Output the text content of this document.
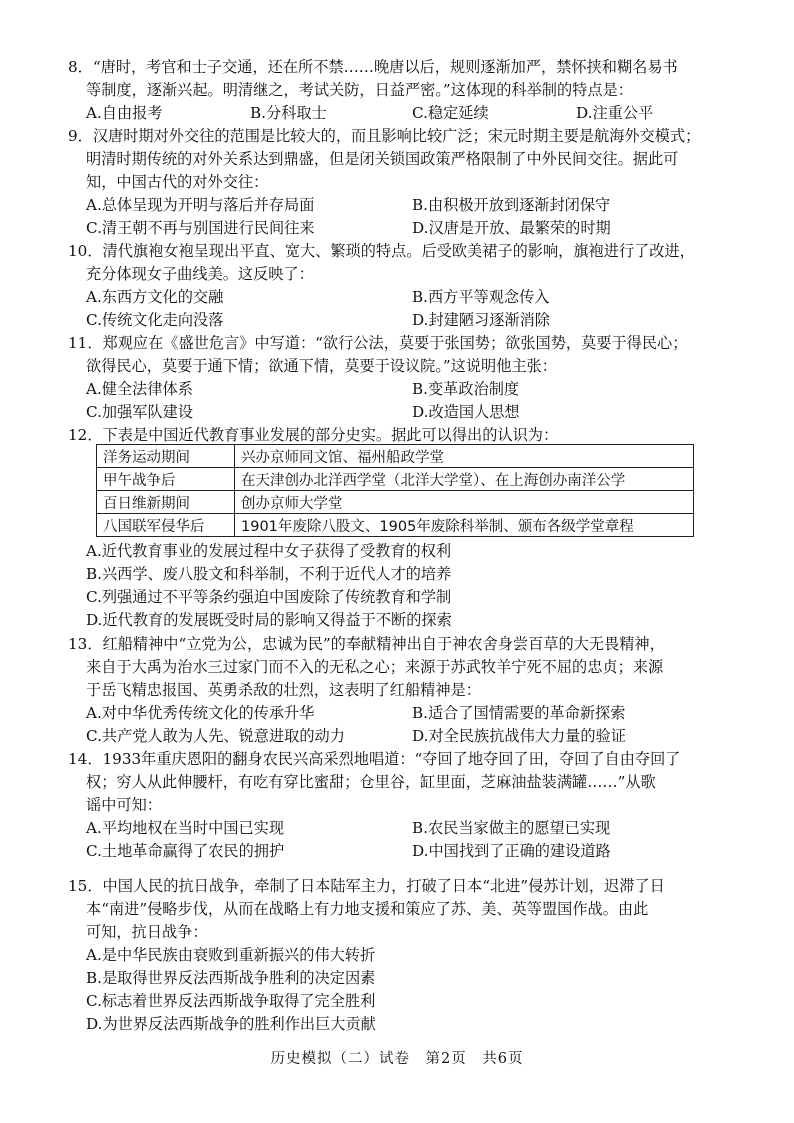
8．“唐时，考官和士子交通，还在所不禁……晚唐以后，规则逐渐加严，禁怀挟和糊名易书
等制度，逐渐兴起。明清继之，考试关防，日益严密。”这体现的科举制的特点是：
A.自由报考	B.分科取士	C.稳定延续	D.注重公平
9．汉唐时期对外交往的范围是比较大的，而且影响比较广泛；宋元时期主要是航海外交模式；
明清时期传统的对外关系达到鼎盛，但是闭关锁国政策严格限制了中外民间交往。据此可
知，中国古代的对外交往：
A.总体呈现为开明与落后并存局面	B.由积极开放到逐渐封闭保守
C.清王朝不再与别国进行民间往来	D.汉唐是开放、最繁荣的时期
10．清代旗袍女袍呈现出平直、宽大、繁琐的特点。后受欧美裙子的影响，旗袍进行了改进，
充分体现女子曲线美。这反映了：
A.东西方文化的交融	B.西方平等观念传入
C.传统文化走向没落	D.封建陋习逐渐消除
11．郑观应在《盛世危言》中写道：“欲行公法，莫要于张国势；欲张国势，莫要于得民心；
欲得民心，莫要于通下情；欲通下情，莫要于设议院。”这说明他主张：
A.健全法律体系	B.变革政治制度
C.加强军队建设	D.改造国人思想
12．下表是中国近代教育事业发展的部分史实。据此可以得出的认识为：
洋务运动期间	兴办京师同文馆、福州船政学堂
甲午战争后	在天津创办北洋西学堂（北洋大学堂）、在上海创办南洋公学
百日维新期间	创办京师大学堂
八国联军侵华后	1901年废除八股文、1905年废除科举制、颁布各级学堂章程
A.近代教育事业的发展过程中女子获得了受教育的权利
B.兴西学、废八股文和科举制，不利于近代人才的培养
C.列强通过不平等条约强迫中国废除了传统教育和学制
D.近代教育的发展既受时局的影响又得益于不断的探索
13．红船精神中“立党为公，忠诚为民”的奉献精神出自于神农舍身尝百草的大无畏精神，
来自于大禹为治水三过家门而不入的无私之心；来源于苏武牧羊宁死不屈的忠贞；来源
于岳飞精忠报国、英勇杀敌的壮烈，这表明了红船精神是：
A.对中华优秀传统文化的传承升华	B.适合了国情需要的革命新探索
C.共产党人敢为人先、锐意进取的动力	D.对全民族抗战伟大力量的验证
14．1933年重庆恩阳的翻身农民兴高采烈地唱道：“夺回了地夺回了田，夺回了自由夺回了
权；穷人从此伸腰杆，有吃有穿比蜜甜；仓里谷，缸里面，芝麻油盐装满罐……”从歌
谣中可知：
A.平均地权在当时中国已实现	B.农民当家做主的愿望已实现
C.土地革命赢得了农民的拥护	D.中国找到了正确的建设道路
15．中国人民的抗日战争，牵制了日本陆军主力，打破了日本“北进”侵苏计划，迟滞了日
本“南进”侵略步伐，从而在战略上有力地支援和策应了苏、美、英等盟国作战。由此
可知，抗日战争：
A.是中华民族由衰败到重新振兴的伟大转折
B.是取得世界反法西斯战争胜利的决定因素
C.标志着世界反法西斯战争取得了完全胜利
D.为世界反法西斯战争的胜利作出巨大贡献
历史模拟（二）试卷　第2页　共6页
